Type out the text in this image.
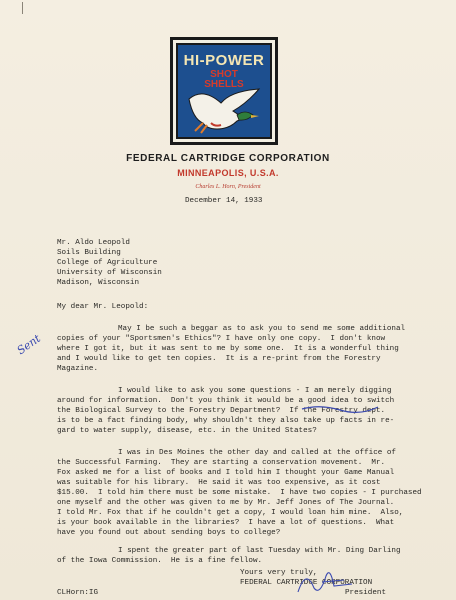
HI-POWER
SHOT
SHELLS
FEDERAL CARTRIDGE CORPORATION
MINNEAPOLIS, U.S.A.
Charles L. Horn, President
December 14, 1933
Mr. Aldo Leopold
Soils Building
College of Agriculture
University of Wisconsin
Madison, Wisconsin
My dear Mr. Leopold:
May I be such a beggar as to ask you to send me some additional
copies of your "Sportsmen's Ethics"? I have only one copy.  I don't know
where I got it, but it was sent to me by some one.  It is a wonderful thing
and I would like to get ten copies.  It is a re-print from the Forestry
Magazine.
Sent
I would like to ask you some questions - I am merely digging
around for information.  Don't you think it would be a good idea to switch
the Biological Survey to the Forestry Department?  If the Forestry dept.
is to be a fact finding body, why shouldn't they also take up facts in re-
gard to water supply, disease, etc. in the United States?
I was in Des Moines the other day and called at the office of
the Successful Farming.  They are starting a conservation movement.  Mr.
Fox asked me for a list of books and I told him I thought your Game Manual
was suitable for his library.  He said it was too expensive, as it cost
$15.00.  I told him there must be some mistake.  I have two copies - I purchased
one myself and the other was given to me by Mr. Jeff Jones of The Journal.
I told Mr. Fox that if he couldn't get a copy, I would loan him mine.  Also,
is your book available in the libraries?  I have a lot of questions.  What
have you found out about sending boys to college?
I spent the greater part of last Tuesday with Mr. Ding Darling
of the Iowa Commission.  He is a fine fellow.
Yours very truly,
FEDERAL CARTRIDGE CORPORATION
President
CLHorn:IG
